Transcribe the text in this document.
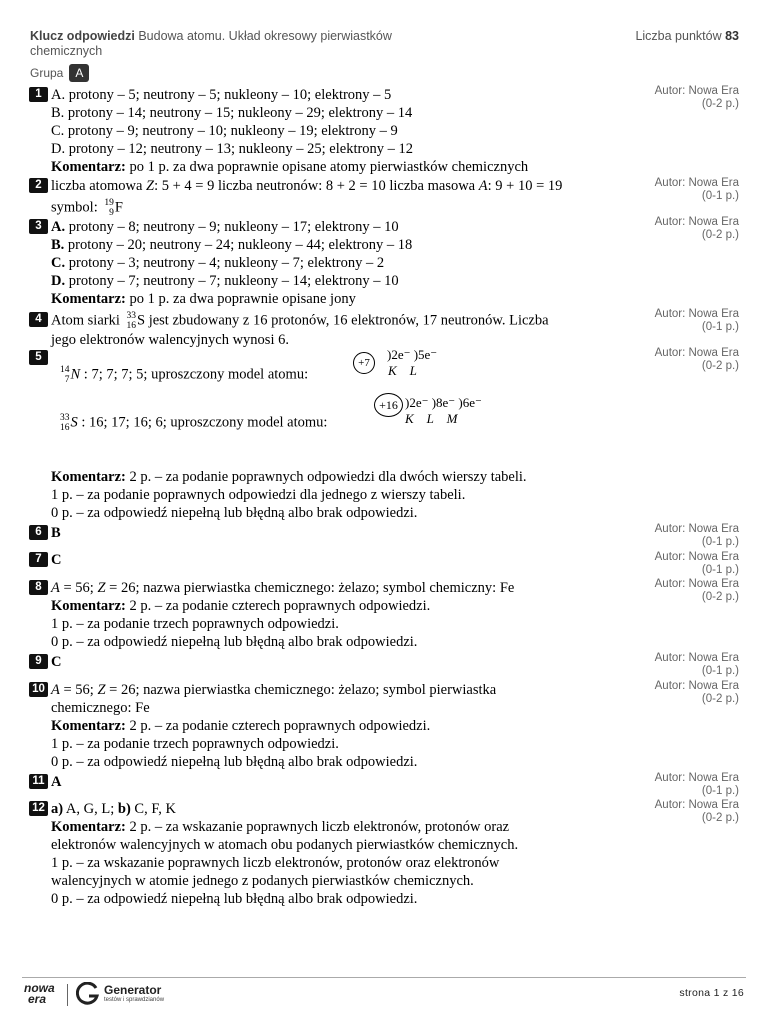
Klucz odpowiedzi Budowa atomu. Układ okresowy pierwiastków chemicznych
Liczba punktów 83
Grupa A
1 A. protony – 5; neutrony – 5; nukleony – 10; elektrony – 5
B. protony – 14; neutrony – 15; nukleony – 29; elektrony – 14
C. protony – 9; neutrony – 10; nukleony – 19; elektrony – 9
D. protony – 12; neutrony – 13; nukleony – 25; elektrony – 12
Komentarz: po 1 p. za dwa poprawnie opisane atomy pierwiastków chemicznych
Autor: Nowa Era
(0-2 p.)
2 liczba atomowa Z: 5 + 4 = 9 liczba neutronów: 8 + 2 = 10 liczba masowa A: 9 + 10 = 19
symbol: 19
9 F
Autor: Nowa Era
(0-1 p.)
3 A. protony – 8; neutrony – 9; nukleony – 17; elektrony – 10
B. protony – 20; neutrony – 24; nukleony – 44; elektrony – 18
C. protony – 3; neutrony – 4; nukleony – 7; elektrony – 2
D. protony – 7; neutrony – 7; nukleony – 14; elektrony – 10
Komentarz: po 1 p. za dwa poprawnie opisane jony
Autor: Nowa Era
(0-2 p.)
4 Atom siarki 33
16 S jest zbudowany z 16 protonów, 16 elektronów, 17 neutronów. Liczba
jego elektronów walencyjnych wynosi 6.
Autor: Nowa Era
(0-1 p.)
5
14
7 N : 7; 7; 7; 5; uproszczony model atomu:
+7
)2e⁻ )5e⁻
K    L
33
16 S : 16; 17; 16; 6; uproszczony model atomu:
+16 )2e⁻ )8e⁻ )6e⁻
K    L    M
Komentarz: 2 p. – za podanie poprawnych odpowiedzi dla dwóch wierszy tabeli.
1 p. – za podanie poprawnych odpowiedzi dla jednego z wierszy tabeli.
0 p. – za odpowiedź niepełną lub błędną albo brak odpowiedzi.
Autor: Nowa Era
(0-2 p.)
6 B	Autor: Nowa Era
(0-1 p.)
7 C	Autor: Nowa Era
(0-1 p.)
8 A = 56; Z = 26; nazwa pierwiastka chemicznego: żelazo; symbol chemiczny: Fe
Komentarz: 2 p. – za podanie czterech poprawnych odpowiedzi.
1 p. – za podanie trzech poprawnych odpowiedzi.
0 p. – za odpowiedź niepełną lub błędną albo brak odpowiedzi.
Autor: Nowa Era
(0-2 p.)
9 C	Autor: Nowa Era
(0-1 p.)
10 A = 56; Z = 26; nazwa pierwiastka chemicznego: żelazo; symbol pierwiastka
chemicznego: Fe
Komentarz: 2 p. – za podanie czterech poprawnych odpowiedzi.
1 p. – za podanie trzech poprawnych odpowiedzi.
0 p. – za odpowiedź niepełną lub błędną albo brak odpowiedzi.
Autor: Nowa Era
(0-2 p.)
11 A	Autor: Nowa Era
(0-1 p.)
12 a) A, G, L; b) C, F, K
Komentarz: 2 p. – za wskazanie poprawnych liczb elektronów, protonów oraz
elektronów walencyjnych w atomach obu podanych pierwiastków chemicznych.
1 p. – za wskazanie poprawnych liczb elektronów, protonów oraz elektronów
walencyjnych w atomie jednego z podanych pierwiastków chemicznych.
0 p. – za odpowiedź niepełną lub błędną albo brak odpowiedzi.
Autor: Nowa Era
(0-2 p.)
nowa
era
Generator
testów i sprawdzianów
strona 1 z 16
